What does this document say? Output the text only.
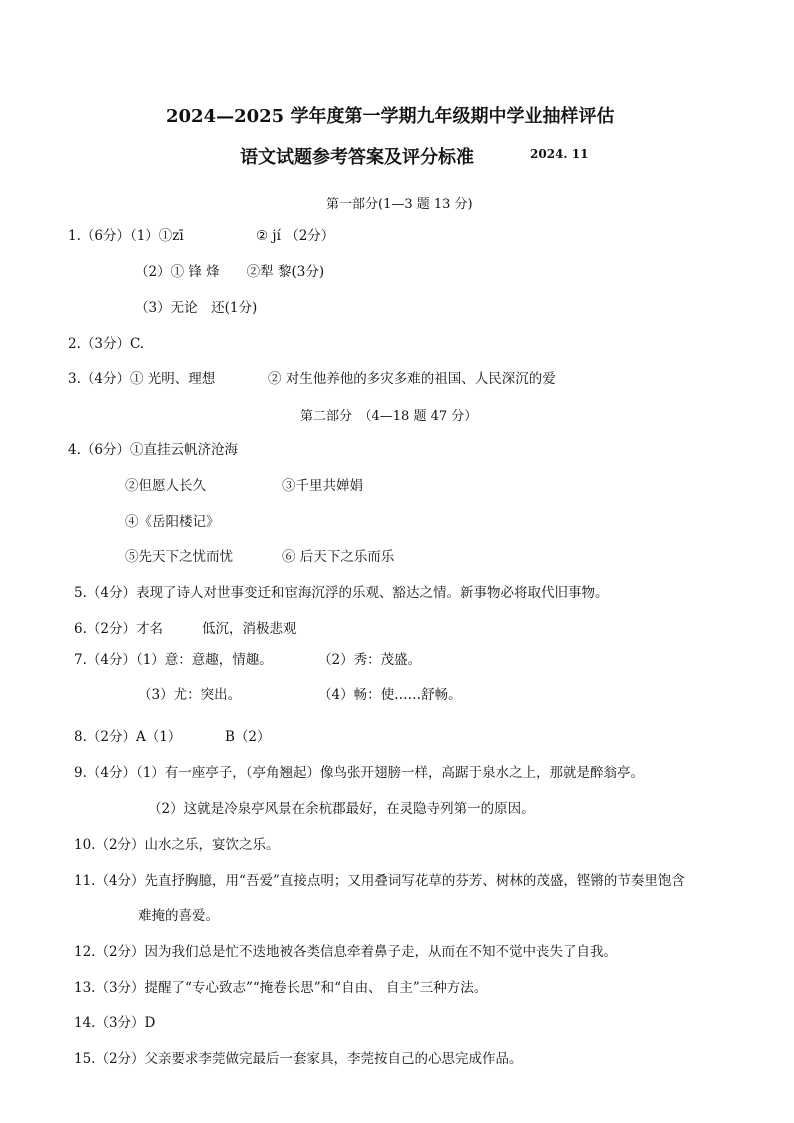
2024—2025 学年度第一学期九年级期中学业抽样评估
语文试题参考答案及评分标准	2024. 11
第一部分(1—3 题 13 分)
1.（6分）（1）①zī	② jí （2分）
（2）① 锋 烽　　②犁 黎(3分)
（3）无论　还(1分)
2.（3分）C.
3.（4分）① 光明、理想	② 对生他养他的多灾多难的祖国、人民深沉的爱
第二部分　（4—18 题 47 分）
4.（6分）①直挂云帆济沧海
②但愿人长久	③千里共婵娟
④《岳阳楼记》
⑤先天下之忧而忧	⑥ 后天下之乐而乐
5.（4分）表现了诗人对世事变迁和宦海沉浮的乐观、豁达之情。新事物必将取代旧事物。
6.（2分）才名	低沉，消极悲观
7.（4分）（1）意：意趣，情趣。	（2）秀：茂盛。
（3）尤：突出。	（4）畅：使……舒畅。
8.（2分）A（1）	B（2）
9.（4分）（1）有一座亭子，（亭角翘起）像鸟张开翅膀一样，高踞于泉水之上，那就是醉翁亭。
（2）这就是冷泉亭风景在余杭郡最好，在灵隐寺列第一的原因。
10.（2分）山水之乐，宴饮之乐。
11.（4分）先直抒胸臆，用“吾爱”直接点明；又用叠词写花草的芬芳、树林的茂盛，铿锵的节奏里饱含
难掩的喜爱。
12.（2分）因为我们总是忙不迭地被各类信息牵着鼻子走，从而在不知不觉中丧失了自我。
13.（3分）提醒了“专心致志”“掩卷长思”和“自由、 自主”三种方法。
14.（3分）D
15.（2分）父亲要求李莞做完最后一套家具，李莞按自己的心思完成作品。
